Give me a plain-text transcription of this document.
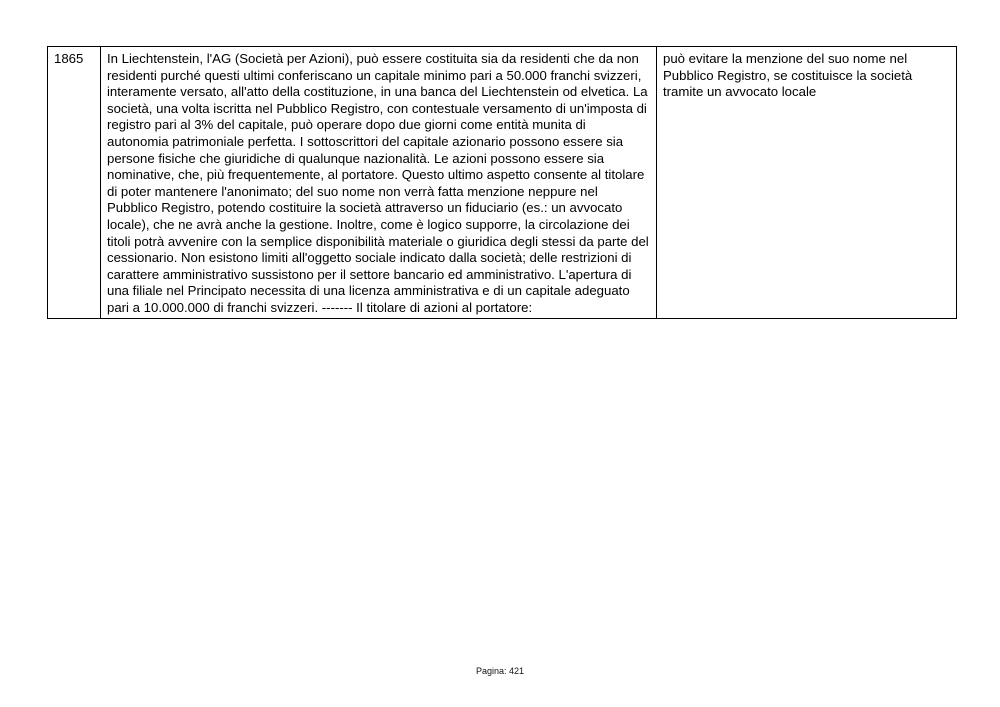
1865	In Liechtenstein, l'AG (Società per Azioni), può essere costituita sia da residenti che da non residenti purché questi ultimi conferiscano un capitale minimo pari a 50.000 franchi svizzeri, interamente versato, all'atto della costituzione, in una banca del Liechtenstein od elvetica. La società, una volta iscritta nel Pubblico Registro, con contestuale versamento di un'imposta di registro pari al 3% del capitale, può operare dopo due giorni come entità munita di autonomia patrimoniale perfetta. I sottoscrittori del capitale azionario possono essere sia persone fisiche che giuridiche di qualunque nazionalità. Le azioni possono essere sia nominative, che, più frequentemente, al portatore. Questo ultimo aspetto consente al titolare di poter mantenere l'anonimato; del suo nome non verrà fatta menzione neppure nel Pubblico Registro, potendo costituire la società attraverso un fiduciario (es.: un avvocato locale), che ne avrà anche la gestione. Inoltre, come è logico supporre, la circolazione dei titoli potrà avvenire con la semplice disponibilità materiale o giuridica degli stessi da parte del cessionario. Non esistono limiti all'oggetto sociale indicato dalla società; delle restrizioni di carattere amministrativo sussistono per il settore bancario ed amministrativo. L'apertura di una filiale nel Principato necessita di una licenza amministrativa e di un capitale adeguato pari a 10.000.000 di franchi svizzeri. ------- Il titolare di azioni al portatore:	può evitare la menzione del suo nome nel Pubblico Registro, se costituisce la società tramite un avvocato locale
Pagina: 421
